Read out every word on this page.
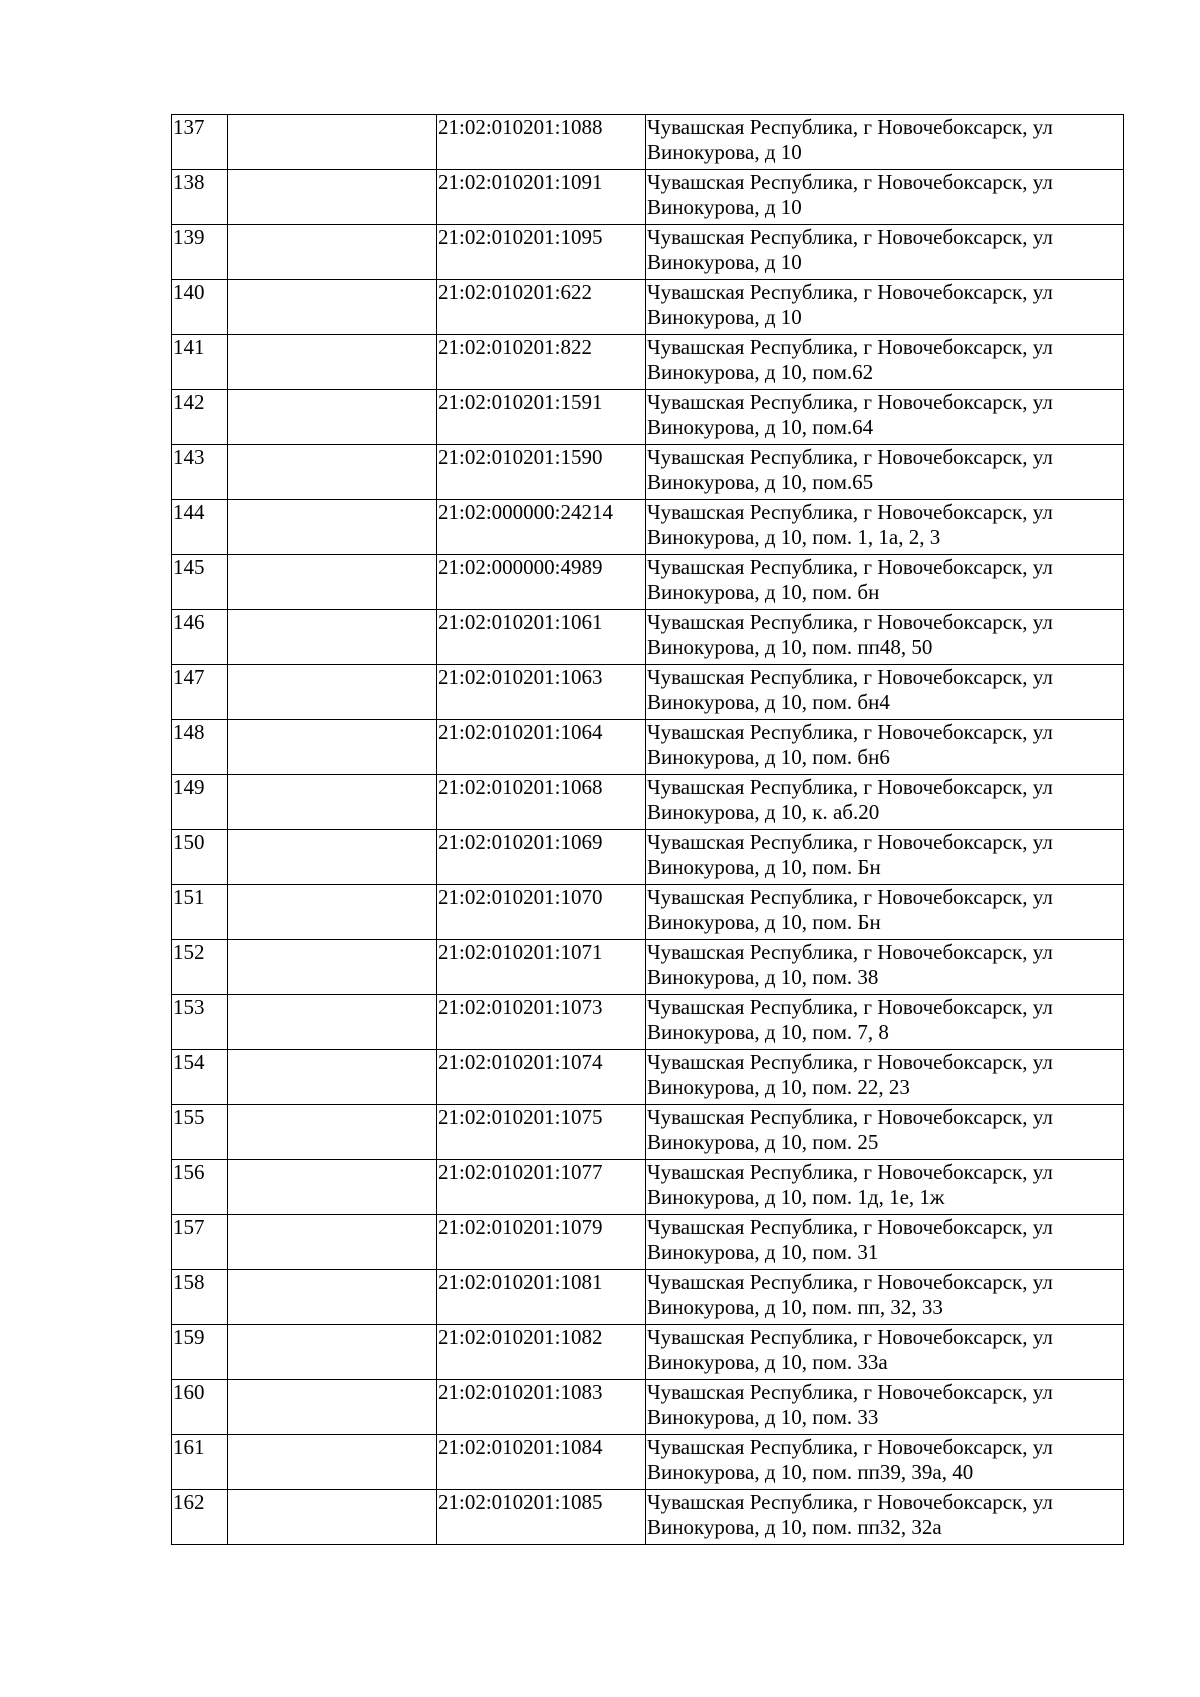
137		21:02:010201:1088	Чувашская Республика, г Новочебоксарск, ул
Винокурова, д 10

138		21:02:010201:1091	Чувашская Республика, г Новочебоксарск, ул
Винокурова, д 10

139		21:02:010201:1095	Чувашская Республика, г Новочебоксарск, ул
Винокурова, д 10

140		21:02:010201:622	Чувашская Республика, г Новочебоксарск, ул
Винокурова, д 10

141		21:02:010201:822	Чувашская Республика, г Новочебоксарск, ул
Винокурова, д 10, пом.62

142		21:02:010201:1591	Чувашская Республика, г Новочебоксарск, ул
Винокурова, д 10, пом.64

143		21:02:010201:1590	Чувашская Республика, г Новочебоксарск, ул
Винокурова, д 10, пом.65

144		21:02:000000:24214	Чувашская Республика, г Новочебоксарск, ул
Винокурова, д 10, пом. 1, 1а, 2, 3

145		21:02:000000:4989	Чувашская Республика, г Новочебоксарск, ул
Винокурова, д 10, пом. бн

146		21:02:010201:1061	Чувашская Республика, г Новочебоксарск, ул
Винокурова, д 10, пом. пп48, 50

147		21:02:010201:1063	Чувашская Республика, г Новочебоксарск, ул
Винокурова, д 10, пом. бн4

148		21:02:010201:1064	Чувашская Республика, г Новочебоксарск, ул
Винокурова, д 10, пом. бн6

149		21:02:010201:1068	Чувашская Республика, г Новочебоксарск, ул
Винокурова, д 10, к. аб.20

150		21:02:010201:1069	Чувашская Республика, г Новочебоксарск, ул
Винокурова, д 10, пом. Бн

151		21:02:010201:1070	Чувашская Республика, г Новочебоксарск, ул
Винокурова, д 10, пом. Бн

152		21:02:010201:1071	Чувашская Республика, г Новочебоксарск, ул
Винокурова, д 10, пом. 38

153		21:02:010201:1073	Чувашская Республика, г Новочебоксарск, ул
Винокурова, д 10, пом. 7, 8

154		21:02:010201:1074	Чувашская Республика, г Новочебоксарск, ул
Винокурова, д 10, пом. 22, 23

155		21:02:010201:1075	Чувашская Республика, г Новочебоксарск, ул
Винокурова, д 10, пом. 25

156		21:02:010201:1077	Чувашская Республика, г Новочебоксарск, ул
Винокурова, д 10, пом. 1д, 1е, 1ж

157		21:02:010201:1079	Чувашская Республика, г Новочебоксарск, ул
Винокурова, д 10, пом. 31

158		21:02:010201:1081	Чувашская Республика, г Новочебоксарск, ул
Винокурова, д 10, пом. пп, 32, 33

159		21:02:010201:1082	Чувашская Республика, г Новочебоксарск, ул
Винокурова, д 10, пом. 33а

160		21:02:010201:1083	Чувашская Республика, г Новочебоксарск, ул
Винокурова, д 10, пом. 33

161		21:02:010201:1084	Чувашская Республика, г Новочебоксарск, ул
Винокурова, д 10, пом. пп39, 39а, 40

162		21:02:010201:1085	Чувашская Республика, г Новочебоксарск, ул
Винокурова, д 10, пом. пп32, 32а
